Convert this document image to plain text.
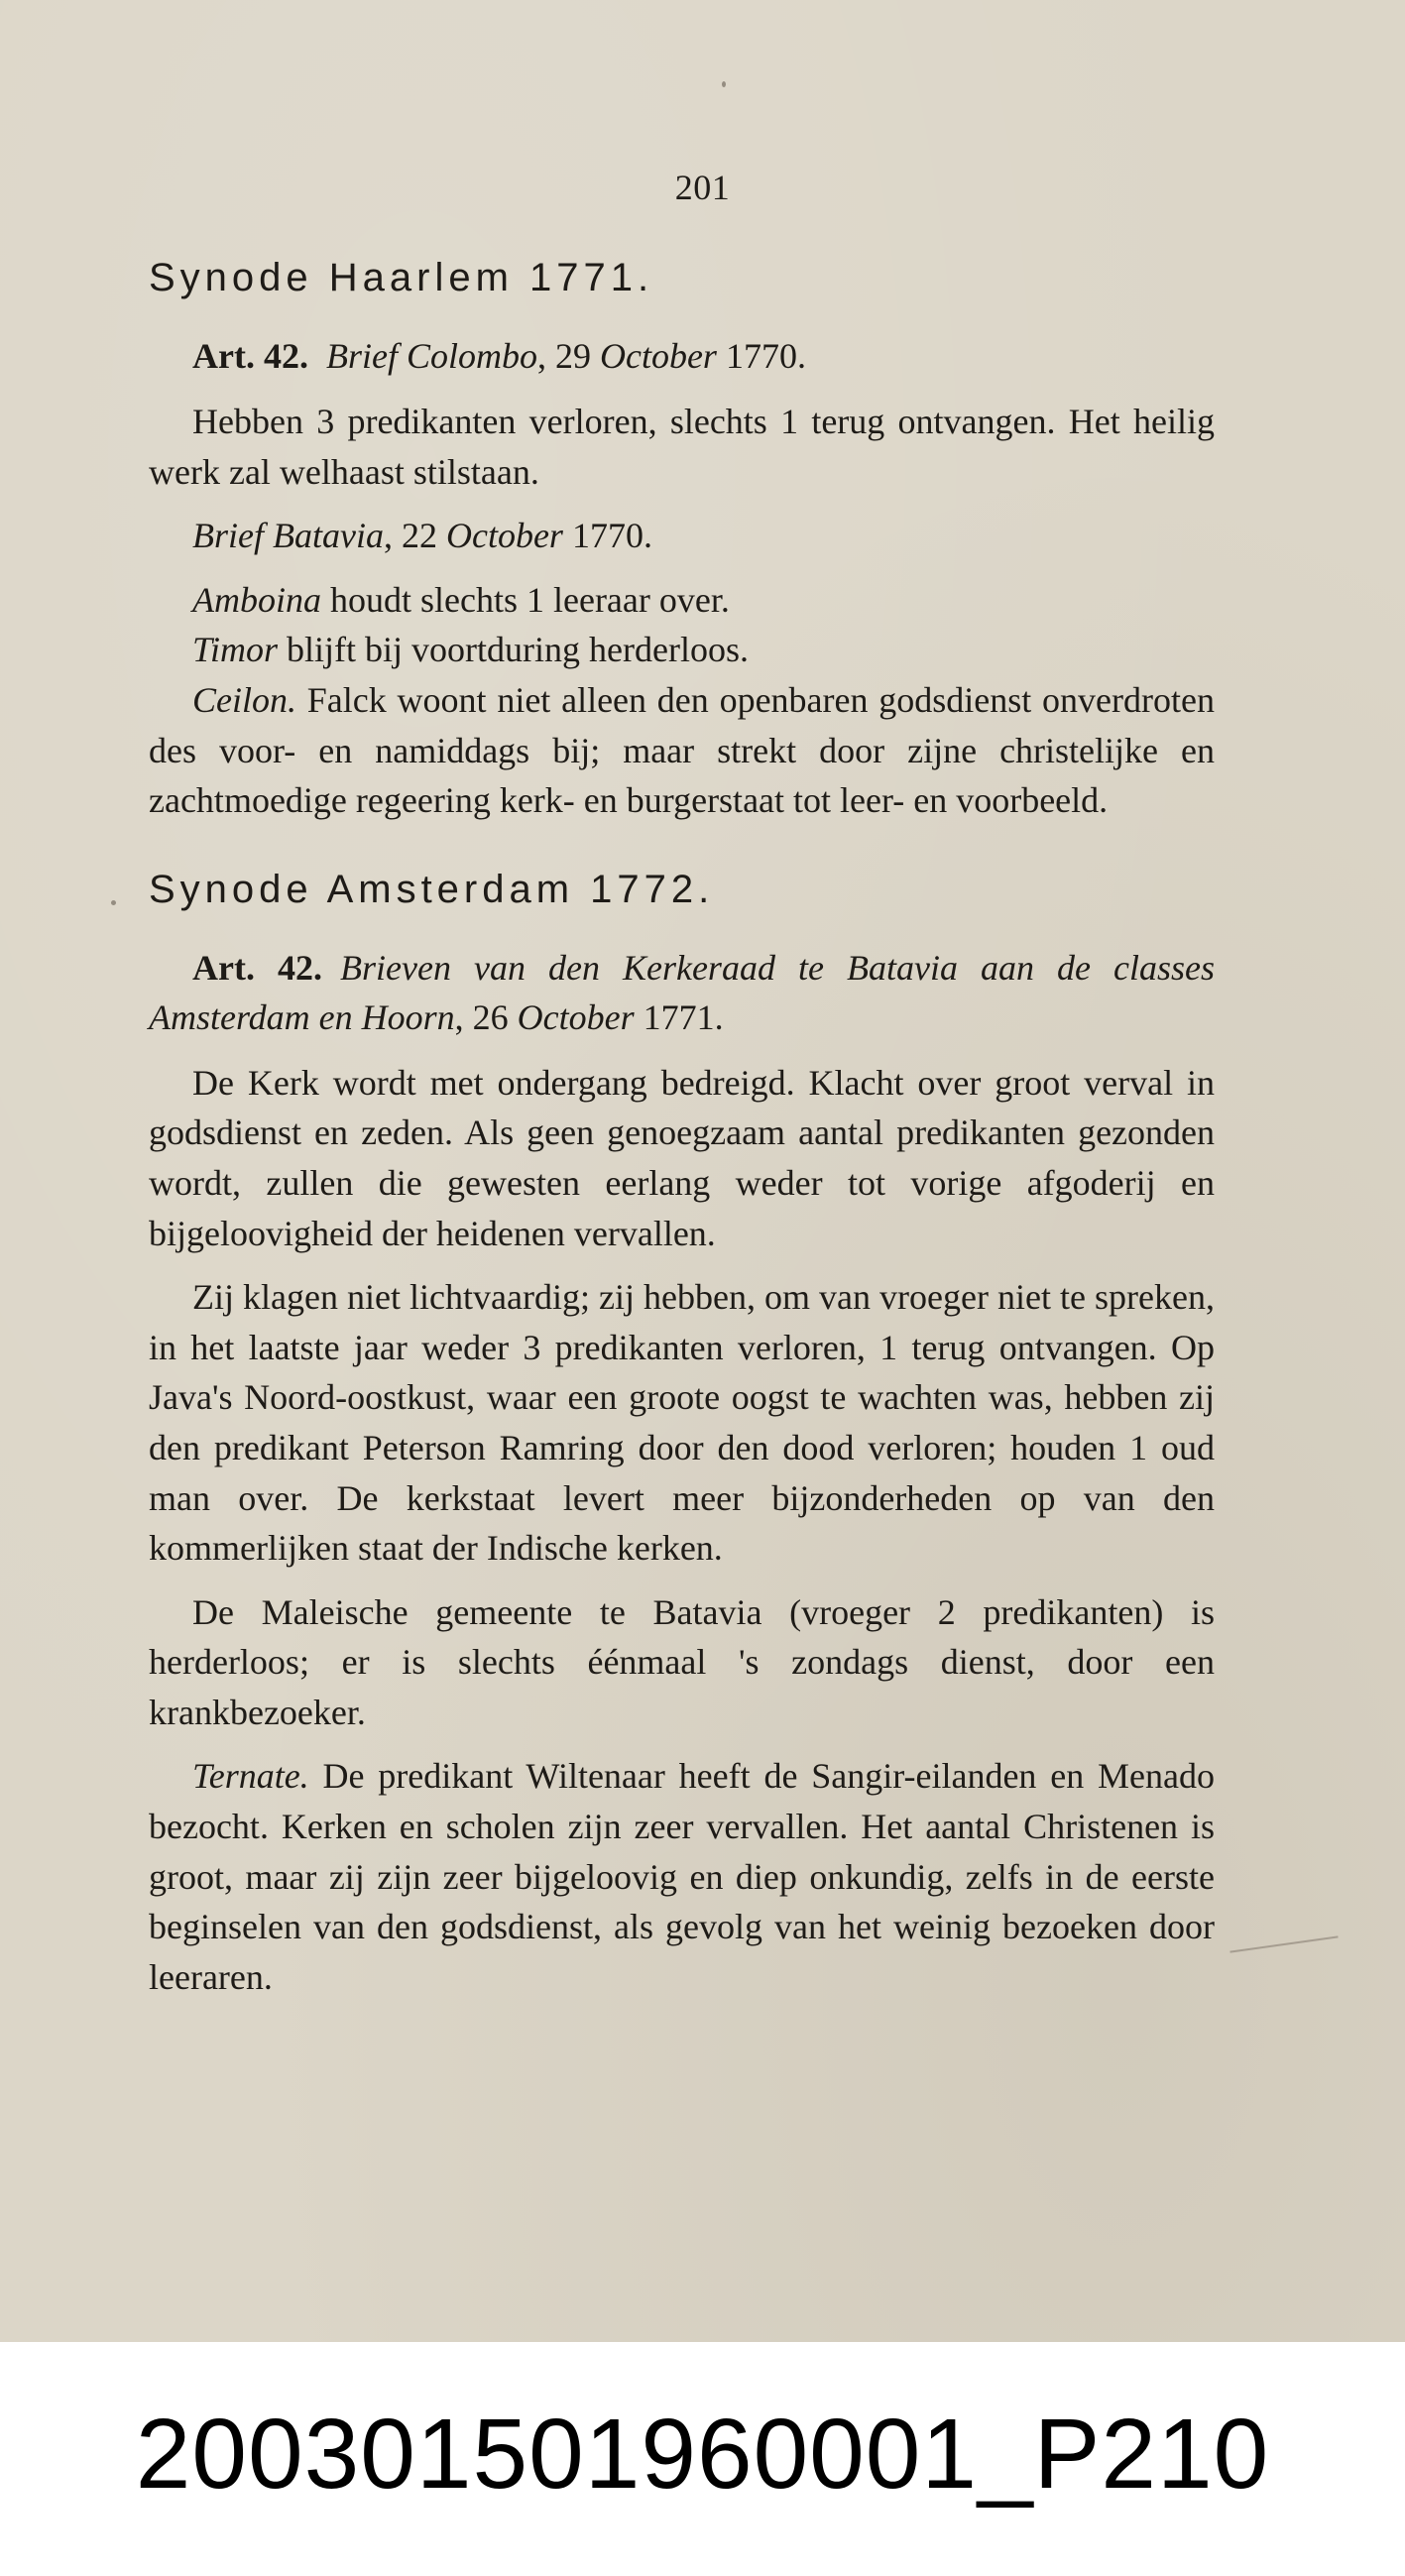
201
Synode Haarlem 1771.
Art. 42. Brief Colombo, 29 October 1770.

Hebben 3 predikanten verloren, slechts 1 terug ontvangen. Het heilig werk zal welhaast stilstaan.

Brief Batavia, 22 October 1770.

Amboina houdt slechts 1 leeraar over.

Timor blijft bij voortduring herderloos.

Ceilon. Falck woont niet alleen den openbaren godsdienst onverdroten des voor- en namiddags bij; maar strekt door zijne christelijke en zachtmoedige regeering kerk- en burgerstaat tot leer- en voorbeeld.

Synode Amsterdam 1772.
Art. 42. Brieven van den Kerkeraad te Batavia aan de classes Amsterdam en Hoorn, 26 October 1771.

De Kerk wordt met ondergang bedreigd. Klacht over groot verval in godsdienst en zeden. Als geen genoegzaam aantal predikanten gezonden wordt, zullen die gewesten eerlang weder tot vorige afgoderij en bijgeloovigheid der heidenen vervallen.

Zij klagen niet lichtvaardig; zij hebben, om van vroeger niet te spreken, in het laatste jaar weder 3 predikanten verloren, 1 terug ontvangen. Op Java's Noord-oostkust, waar een groote oogst te wachten was, hebben zij den predikant Peterson Ramring door den dood verloren; houden 1 oud man over. De kerkstaat levert meer bijzonderheden op van den kommerlijken staat der Indische kerken.

De Maleische gemeente te Batavia (vroeger 2 predikanten) is herderloos; er is slechts éénmaal 's zondags dienst, door een krankbezoeker.

Ternate. De predikant Wiltenaar heeft de Sangir-eilanden en Menado bezocht. Kerken en scholen zijn zeer vervallen. Het aantal Christenen is groot, maar zij zijn zeer bijgeloovig en diep onkundig, zelfs in de eerste beginselen van den godsdienst, als gevolg van het weinig bezoeken door leeraren.

20030150196000‌1_P210
